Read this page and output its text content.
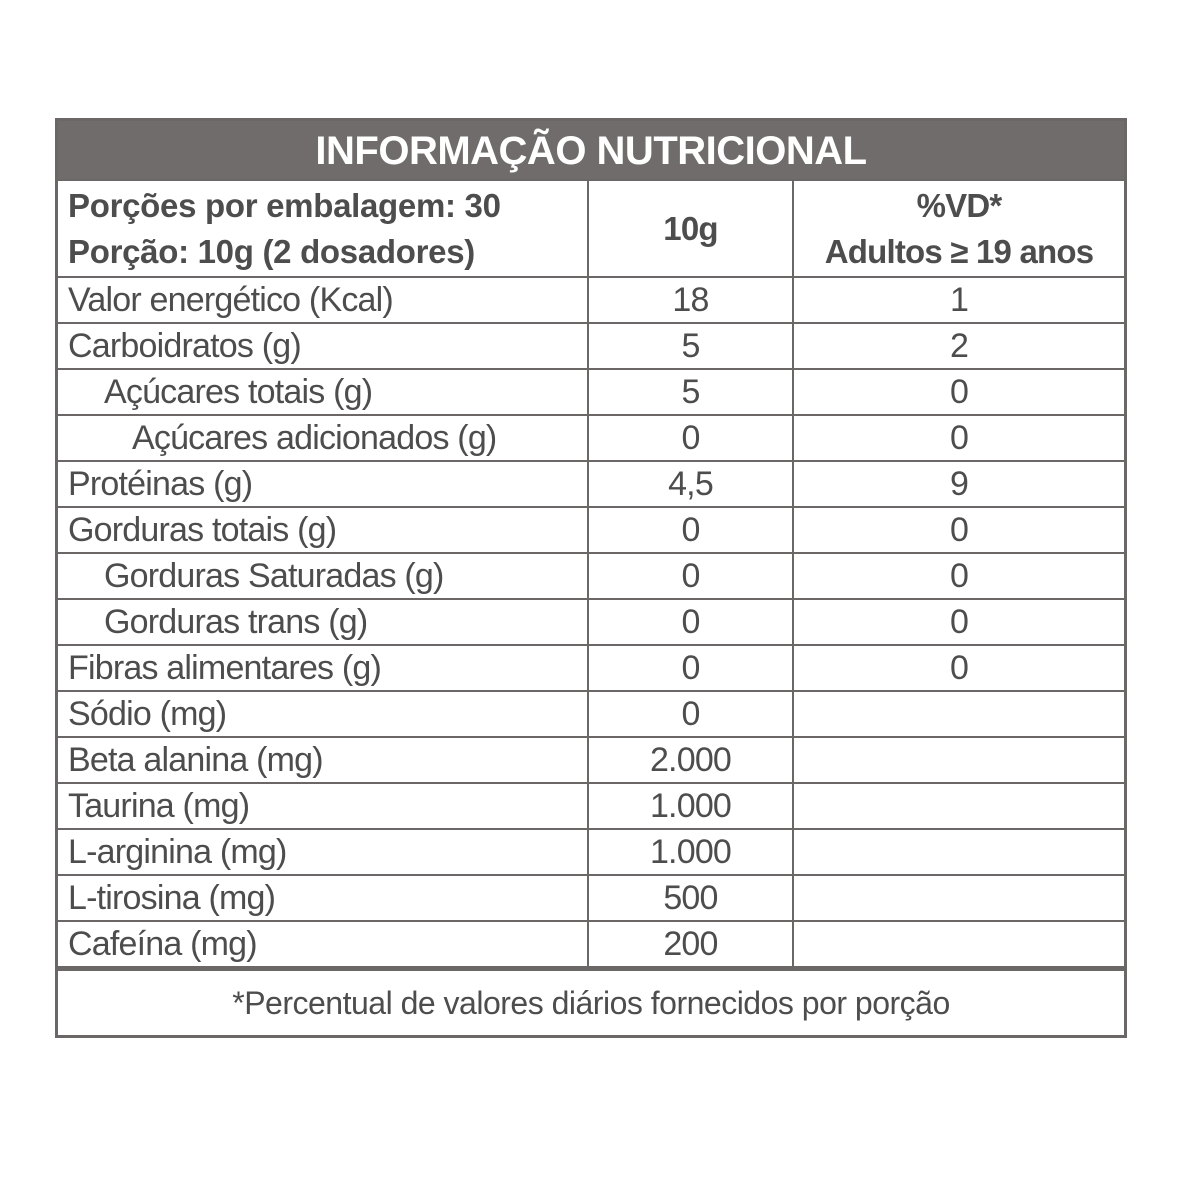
INFORMAÇÃO NUTRICIONAL
Porções por embalagem: 30
Porção: 10g (2 dosadores)
	10g	
%VD*
Adultos ≥ 19 anos

Valor energético (Kcal)	18	1
Carboidratos (g)	5	2
Açúcares totais (g)	5	0
Açúcares adicionados (g)	0	0
Protéinas (g)	4,5	9
Gorduras totais (g)	0	0
Gorduras Saturadas (g)	0	0
Gorduras trans (g)	0	0
Fibras alimentares (g)	0	0
Sódio (mg)	0	
Beta alanina (mg)	2.000	
Taurina (mg)	1.000	
L-arginina (mg)	1.000	
L-tirosina (mg)	500	
Cafeína (mg)	200	
*Percentual de valores diários fornecidos por porção
